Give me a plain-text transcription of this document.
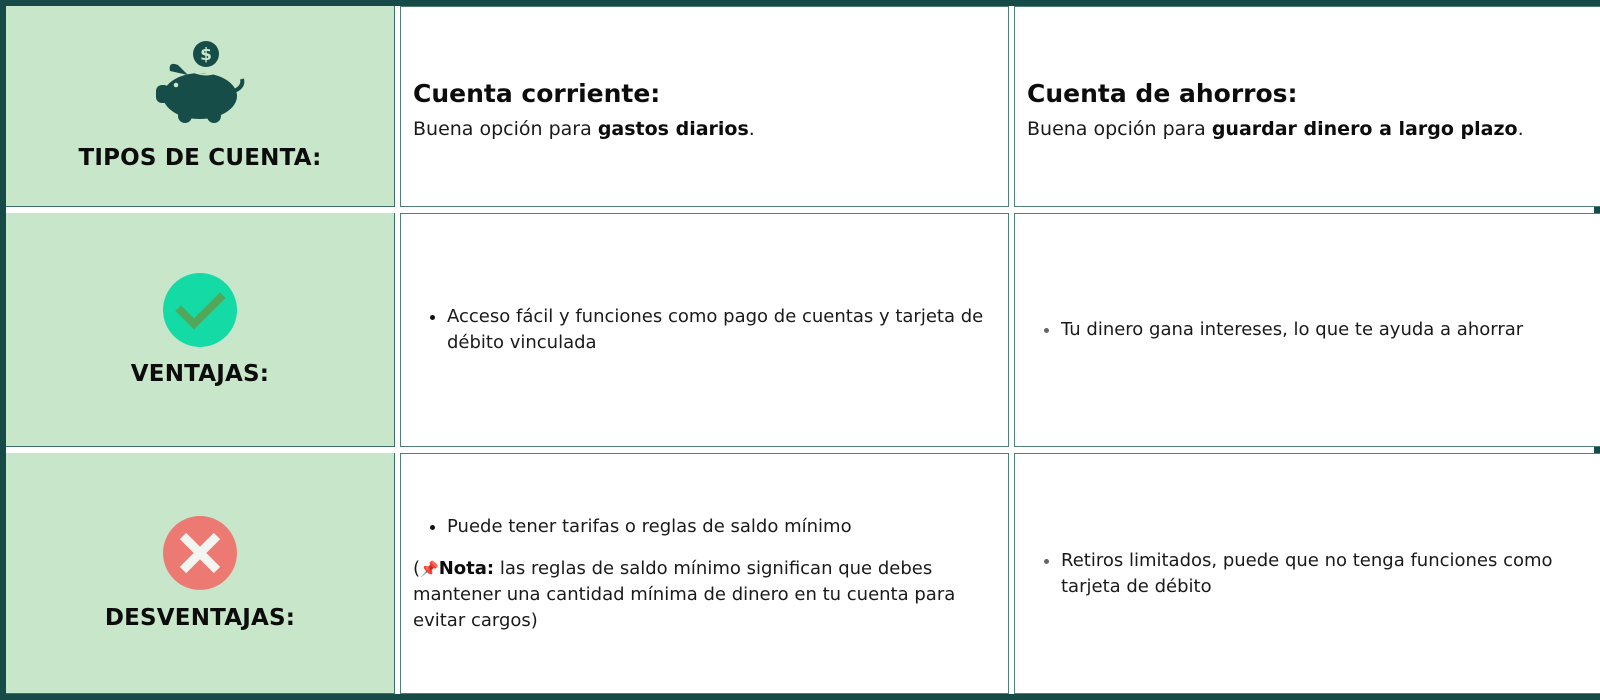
$
TIPOS DE CUENTA:
Cuenta corriente:
Buena opción para gastos diarios.
Cuenta de ahorros:
Buena opción para guardar dinero a largo plazo.
VENTAJAS:
• Acceso fácil y funciones como pago de cuentas y tarjeta de débito vinculada
• Tu dinero gana intereses, lo que te ayuda a ahorrar
DESVENTAJAS:
• Puede tener tarifas o reglas de saldo mínimo
(📌Nota: las reglas de saldo mínimo significan que debes mantener una cantidad mínima de dinero en tu cuenta para evitar cargos)
• Retiros limitados, puede que no tenga funciones como tarjeta de débito
